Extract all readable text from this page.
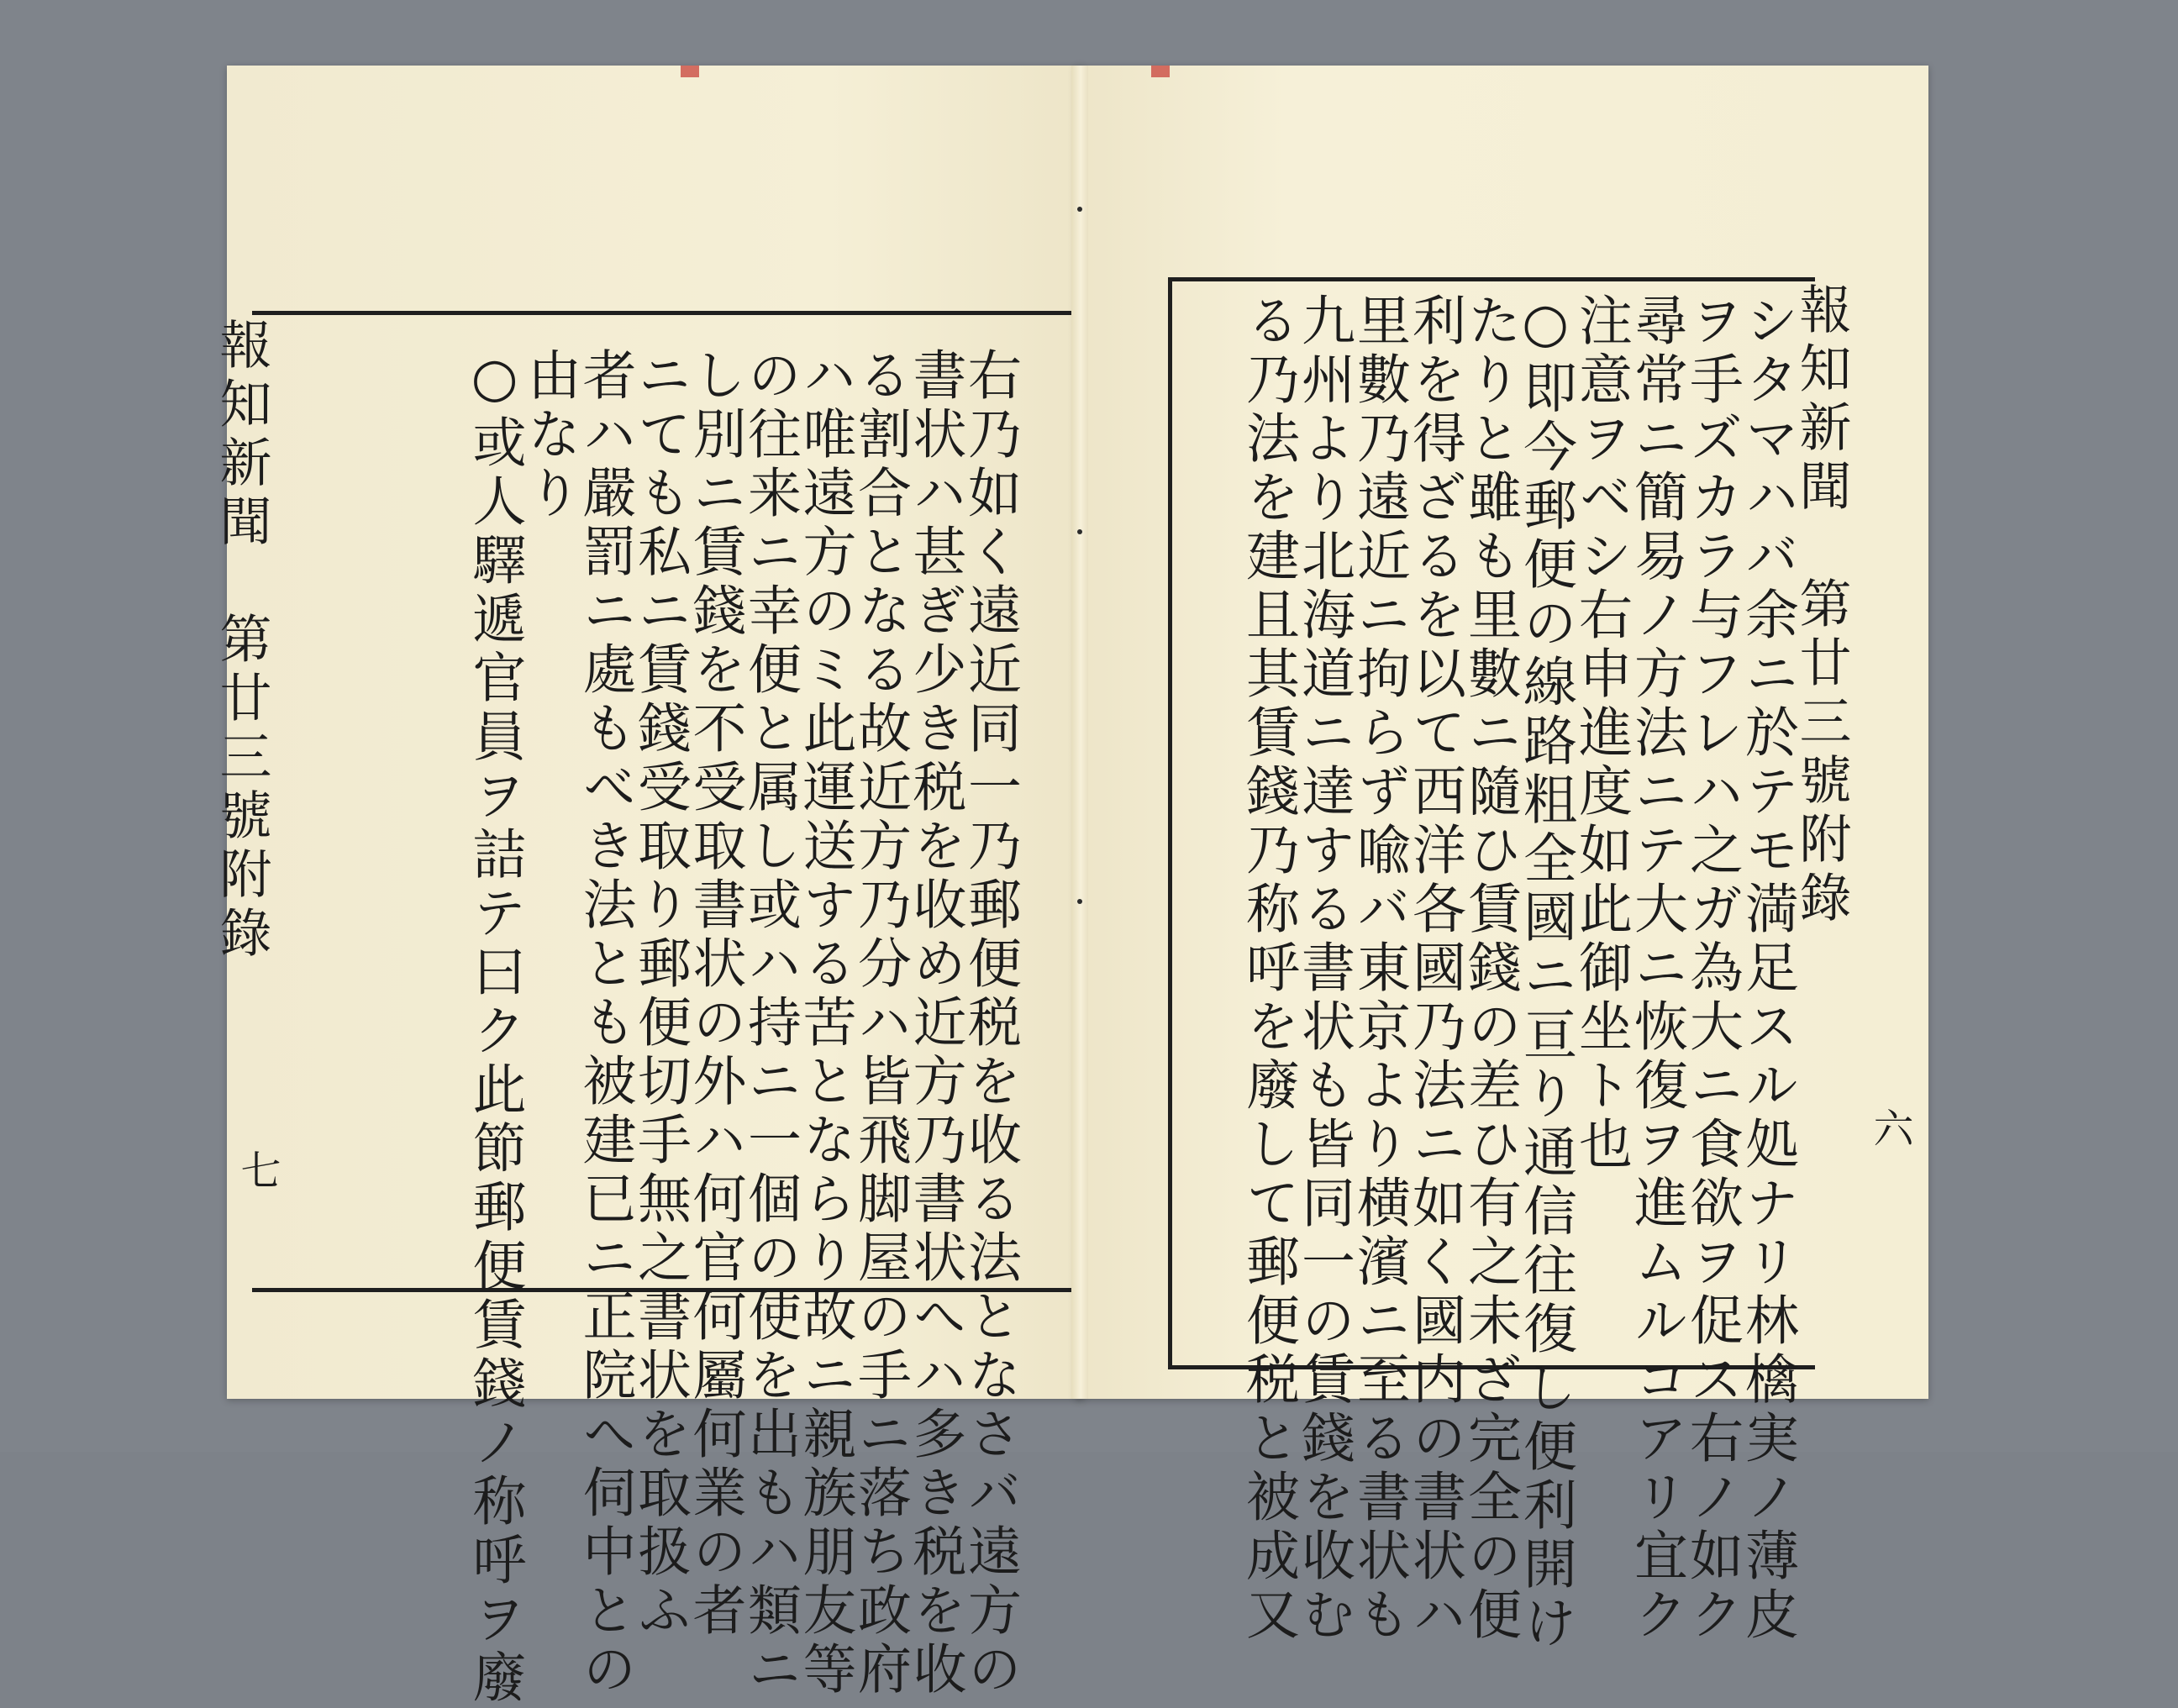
報知新聞　第廿三號附錄
七	右乃如く遠近同一乃郵便税を收る法となさバ遠方の
書状ハ甚ぎ少き税を收め近方乃書状へハ多き税を收
る割合となる故近方乃分ハ皆飛脚屋の手ニ落ち政府
ハ唯遠方のミ此運送する苦とならり故ニ親族朋友等
の往来ニ幸便と属し或ハ持ニ一個の使を出もハ類ニ
し別ニ賃錢を不受取書状の外ハ何官何屬何業の者
ニても私ニ賃錢受取り郵便切手無之書状を取扱ふ
者ハ嚴罰ニ處もべき法とも被建已ニ正院へ伺中との
由なり
○或人驛遞官員ヲ詰テ曰ク此節郵便賃錢ノ称呼ヲ廢	報知新聞　第廿三號附錄
六
シタマハバ余ニ於テモ満足スル処ナリ林檎実ノ薄皮
ヲ手ズカラ与フレハ之ガ為大ニ食欲ヲ促ス右ノ如ク
尋常ニ簡易ノ方法ニテ大ニ恢復ヲ進ムルコアリ宜ク
注意ヲベシ右申進度如此御坐ト也
○即今郵便の線路粗全國ニ亘り通信往復し便利開け
たりと雖も里數ニ隨ひ賃錢の差ひ有之未ざ完全の便
利を得ざるを以て西洋各國乃法ニ如く國内の書状ハ
里數乃遠近ニ拘らず喩バ東京より横濱ニ至る書状も
九州より北海道ニ達する書状も皆同一の賃錢を收む
る乃法を建且其賃錢乃称呼を廢して郵便税と被成又
